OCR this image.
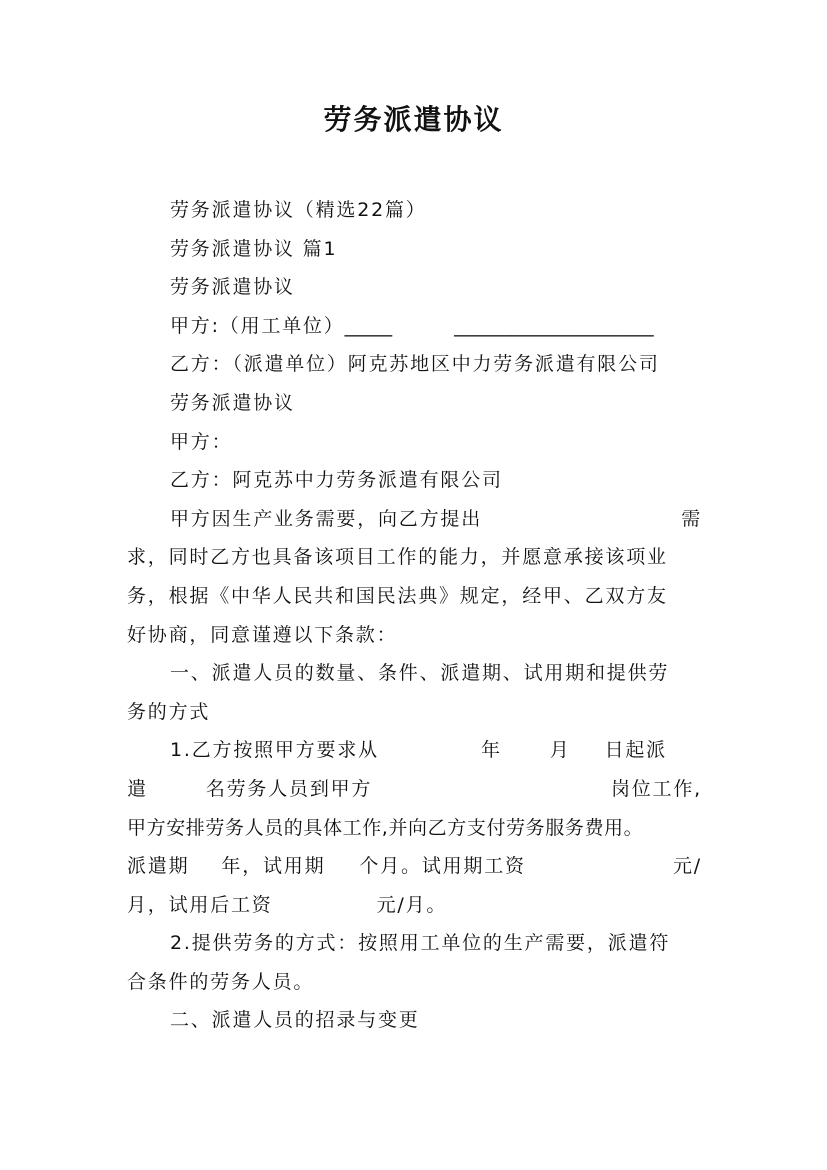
劳务派遣协议

劳务派遣协议（精选22篇）

劳务派遣协议 篇1

劳务派遣协议

甲方:（用工单位）_____	_____________________

乙方：（派遣单位）阿克苏地区中力劳务派遣有限公司

劳务派遣协议

甲方：

乙方：阿克苏中力劳务派遣有限公司

甲方因生产业务需要，向乙方提出	需

求，同时乙方也具备该项目工作的能力，并愿意承接该项业

务，根据《中华人民共和国民法典》规定，经甲、乙双方友

好协商，同意谨遵以下条款：

一、派遣人员的数量、条件、派遣期、试用期和提供劳

务的方式

1.乙方按照甲方要求从	年	月 日起派

遣	名劳务人员到甲方	岗位工作,

甲方安排劳务人员的具体工作,并向乙方支付劳务服务费用。

派遣期 年，试用期 个月。试用期工资	元/

月，试用后工资	元/月。

2.提供劳务的方式：按照用工单位的生产需要，派遣符

合条件的劳务人员。

二、派遣人员的招录与变更
